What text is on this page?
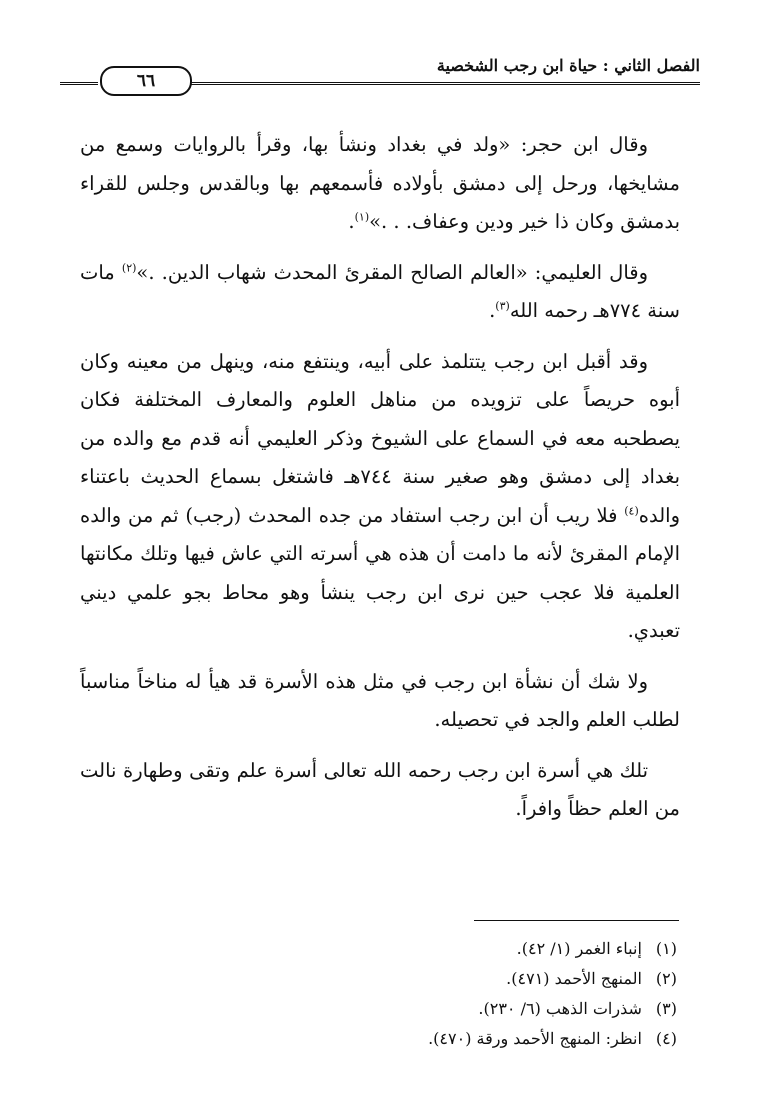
الفصل الثاني : حياة ابن رجب الشخصية
٦٦

وقال ابن حجر: «ولد في بغداد ونشأ بها، وقرأ بالروايات وسمع من مشايخها، ورحل إلى دمشق بأولاده فأسمعهم بها وبالقدس وجلس للقراء بدمشق وكان ذا خير ودين وعفاف. . .»$^{(١)}$.

وقال العليمي: «العالم الصالح المقرئ المحدث شهاب الدين. .»$^{(٢)}$ مات سنة ٧٧٤هـ رحمه الله$^{(٣)}$.

وقد أقبل ابن رجب يتتلمذ على أبيه، وينتفع منه، وينهل من معينه وكان أبوه حريصاً على تزويده من مناهل العلوم والمعارف المختلفة فكان يصطحبه معه في السماع على الشيوخ وذكر العليمي أنه قدم مع والده من بغداد إلى دمشق وهو صغير سنة ٧٤٤هـ فاشتغل بسماع الحديث باعتناء والده$^{(٤)}$ فلا ريب أن ابن رجب استفاد من جده المحدث (رجب) ثم من والده الإمام المقرئ لأنه ما دامت أن هذه هي أسرته التي عاش فيها وتلك مكانتها العلمية فلا عجب حين نرى ابن رجب ينشأ وهو محاط بجو علمي ديني تعبدي.

ولا شك أن نشأة ابن رجب في مثل هذه الأسرة قد هيأ له مناخاً مناسباً لطلب العلم والجد في تحصيله.

تلك هي أسرة ابن رجب رحمه الله تعالى أسرة علم وتقى وطهارة نالت من العلم حظاً وافراً.

(١) إنباء الغمر (١/ ٤٢).
(٢) المنهج الأحمد (٤٧١).
(٣) شذرات الذهب (٦/ ٢٣٠).
(٤) انظر: المنهج الأحمد ورقة (٤٧٠).
